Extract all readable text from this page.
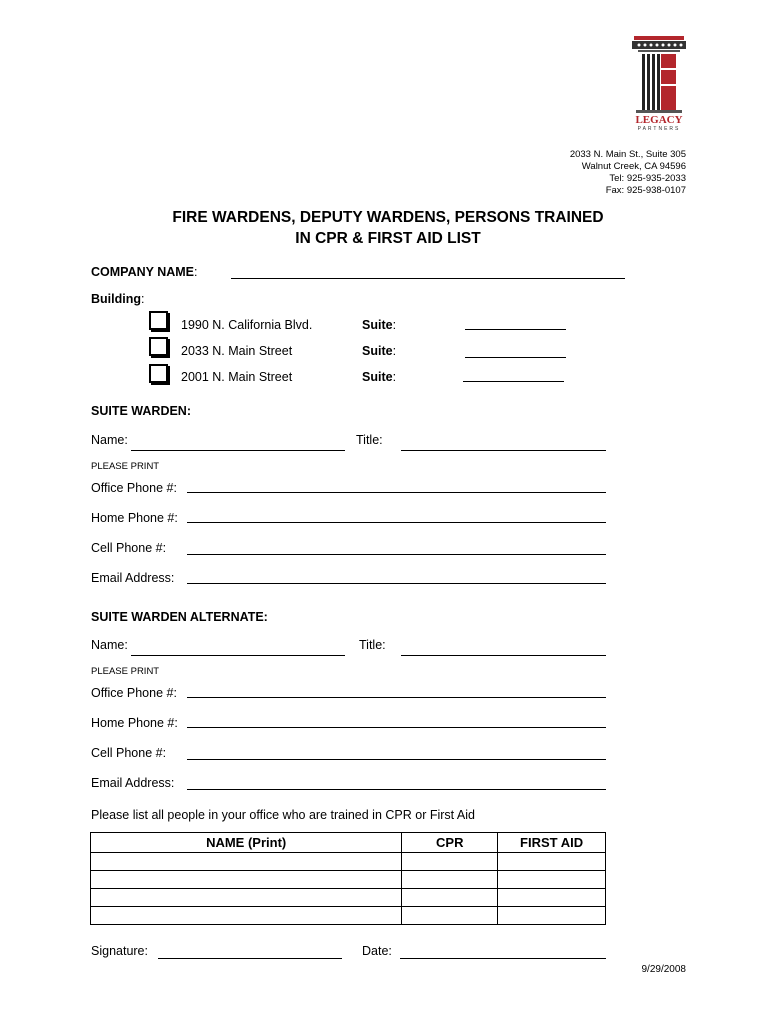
LEGACY
PARTNERS
2033 N. Main St., Suite 305
Walnut Creek, CA 94596
Tel: 925-935-2033
Fax: 925-938-0107
FIRE WARDENS, DEPUTY WARDENS, PERSONS TRAINED
IN CPR & FIRST AID LIST
COMPANY NAME:
Building:
1990 N. California Blvd.	Suite:
2033 N. Main Street	Suite:
2001 N. Main Street	Suite:
SUITE WARDEN:
Name:	Title:
PLEASE PRINT
Office Phone #:
Home Phone #:
Cell Phone #:
Email Address:
SUITE WARDEN ALTERNATE:
Name:	Title:
PLEASE PRINT
Office Phone #:
Home Phone #:
Cell Phone #:
Email Address:
Please list all people in your office who are trained in CPR or First Aid
NAME (Print)	CPR	FIRST AID

Signature:	Date:
9/29/2008
